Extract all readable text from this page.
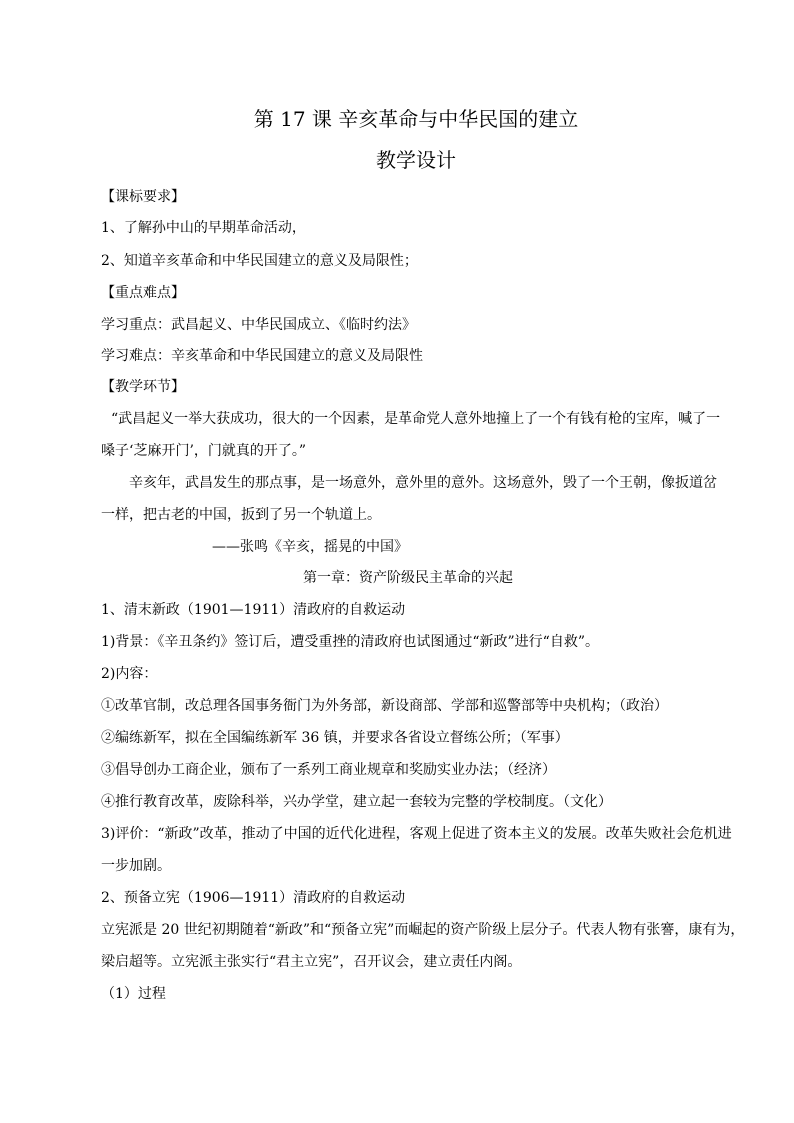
第 17 课 辛亥革命与中华民国的建立
教学设计
【课标要求】
1、了解孙中山的早期革命活动，
2、知道辛亥革命和中华民国建立的意义及局限性；
【重点难点】
学习重点：武昌起义、中华民国成立、《临时约法》
学习难点：辛亥革命和中华民国建立的意义及局限性
【教学环节】
“武昌起义一举大获成功，很大的一个因素，是革命党人意外地撞上了一个有钱有枪的宝库，喊了一
嗓子‘芝麻开门’，门就真的开了。”
辛亥年，武昌发生的那点事，是一场意外，意外里的意外。这场意外，毁了一个王朝，像扳道岔
一样，把古老的中国，扳到了另一个轨道上。
——张鸣《辛亥，摇晃的中国》
第一章：资产阶级民主革命的兴起
1、清末新政（1901—1911）清政府的自救运动
1)背景：《辛丑条约》签订后，遭受重挫的清政府也试图通过“新政”进行“自救”。
2)内容：
①改革官制，改总理各国事务衙门为外务部，新设商部、学部和巡警部等中央机构；（政治）
②编练新军，拟在全国编练新军 36 镇，并要求各省设立督练公所；（军事）
③倡导创办工商企业，颁布了一系列工商业规章和奖励实业办法；（经济）
④推行教育改革，废除科举，兴办学堂，建立起一套较为完整的学校制度。（文化）
3)评价：“新政”改革，推动了中国的近代化进程，客观上促进了资本主义的发展。改革失败社会危机进
一步加剧。
2、预备立宪（1906—1911）清政府的自救运动
立宪派是 20 世纪初期随着“新政”和“预备立宪”而崛起的资产阶级上层分子。代表人物有张謇，康有为，
梁启超等。立宪派主张实行“君主立宪”，召开议会，建立责任内阁。
（1）过程
